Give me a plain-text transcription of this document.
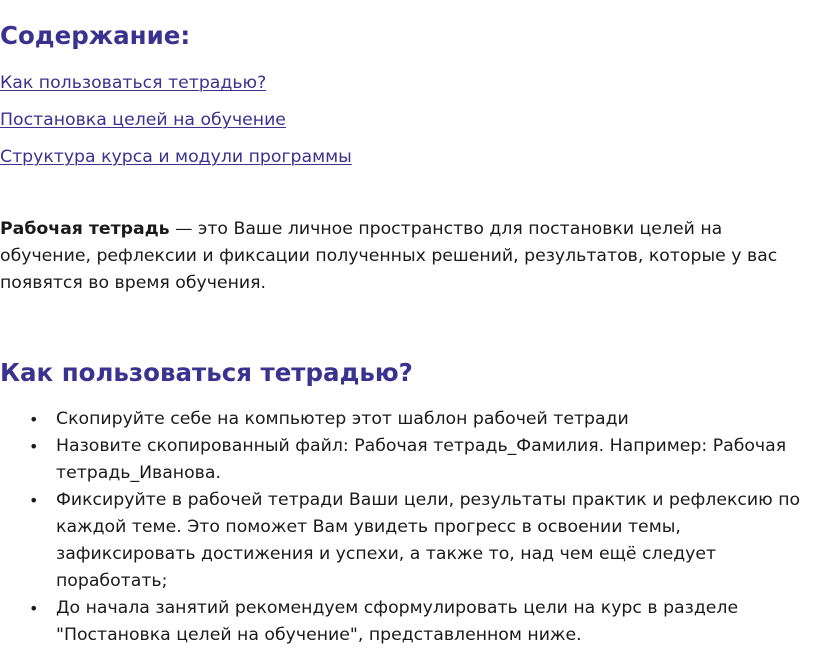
Содержание:
Как пользоваться тетрадью?
Постановка целей на обучение
Структура курса и модули программы

Рабочая тетрадь — это Ваше личное пространство для постановки целей на обучение, рефлексии и фиксации полученных решений, результатов, которые у вас появятся во время обучения.

Как пользоваться тетрадью?
• Скопируйте себе на компьютер этот шаблон рабочей тетради
• Назовите скопированный файл: Рабочая тетрадь_Фамилия. Например: Рабочая тетрадь_Иванова.
• Фиксируйте в рабочей тетради Ваши цели, результаты практик и рефлексию по каждой теме. Это поможет Вам увидеть прогресс в освоении темы, зафиксировать достижения и успехи, а также то, над чем ещё следует поработать;
• До начала занятий рекомендуем сформулировать цели на курс в разделе "Постановка целей на обучение", представленном ниже.
